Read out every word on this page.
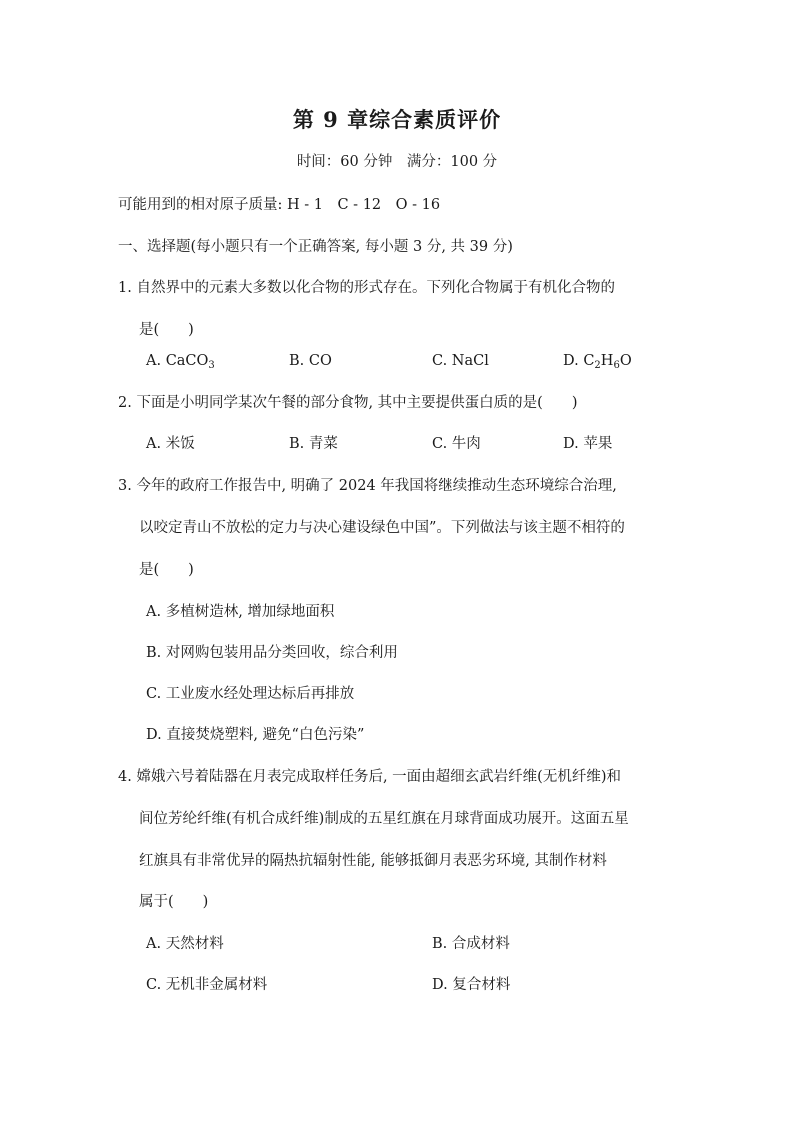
第 9 章综合素质评价
时间：60 分钟　满分：100 分
可能用到的相对原子质量: H - 1　C - 12　O - 16
一、选择题(每小题只有一个正确答案, 每小题 3 分, 共 39 分)
1. 自然界中的元素大多数以化合物的形式存在。下列化合物属于有机化合物的
是(　　)
A. CaCO$_3$	B. CO	C. NaCl	D. $C_2H_6O$
2. 下面是小明同学某次午餐的部分食物, 其中主要提供蛋白质的是(　　)
A. 米饭	B. 青菜	C. 牛肉	D. 苹果
3. 今年的政府工作报告中, 明确了 2024 年我国将继续推动生态环境综合治理,
以咬定青山不放松的定力与决心建设绿色中国”。下列做法与该主题不相符的
是(　　)
A. 多植树造林, 增加绿地面积
B. 对网购包装用品分类回收，综合利用
C. 工业废水经处理达标后再排放
D. 直接焚烧塑料, 避免“白色污染”
4. 嫦娥六号着陆器在月表完成取样任务后, 一面由超细玄武岩纤维(无机纤维)和
间位芳纶纤维(有机合成纤维)制成的五星红旗在月球背面成功展开。这面五星
红旗具有非常优异的隔热抗辐射性能, 能够抵御月表恶劣环境, 其制作材料
属于(　　)
A. 天然材料	B. 合成材料
C. 无机非金属材料	D. 复合材料
